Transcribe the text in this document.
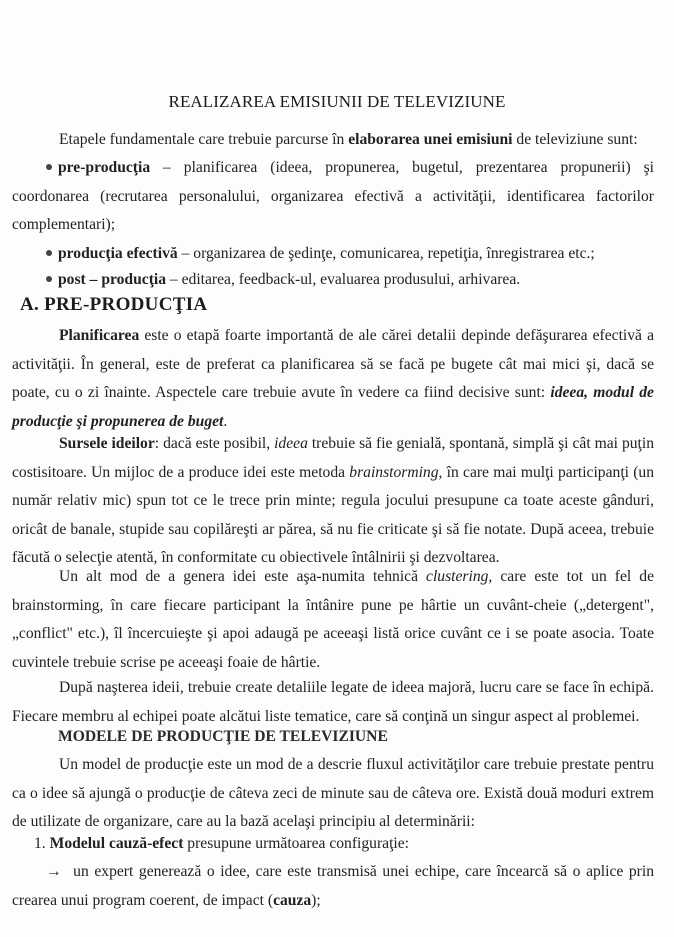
REALIZAREA EMISIUNII DE TELEVIZIUNE
Etapele fundamentale care trebuie parcurse în elaborarea unei emisiuni de televiziune sunt:
pre-producţia – planificarea (ideea, propunerea, bugetul, prezentarea propunerii) şi coordonarea (recrutarea personalului, organizarea efectivă a activităţii, identificarea factorilor complementari);
producţia efectivă – organizarea de şedinţe, comunicarea, repetiţia, înregistrarea etc.;
post – producţia – editarea, feedback-ul, evaluarea produsului, arhivarea.
A. PRE-PRODUCŢIA
Planificarea este o etapă foarte importantă de ale cărei detalii depinde defăşurarea efectivă a activităţii. În general, este de preferat ca planificarea să se facă pe bugete cât mai mici şi, dacă se poate, cu o zi înainte. Aspectele care trebuie avute în vedere ca fiind decisive sunt: ideea, modul de producţie şi propunerea de buget.
Sursele ideilor: dacă este posibil, ideea trebuie să fie genială, spontană, simplă şi cât mai puţin costisitoare. Un mijloc de a produce idei este metoda brainstorming, în care mai mulţi participanţi (un număr relativ mic) spun tot ce le trece prin minte; regula jocului presupune ca toate aceste gânduri, oricât de banale, stupide sau copilăreşti ar părea, să nu fie criticate şi să fie notate. După aceea, trebuie făcută o selecţie atentă, în conformitate cu obiectivele întâlnirii şi dezvoltarea.
Un alt mod de a genera idei este aşa-numita tehnică clustering, care este tot un fel de brainstorming, în care fiecare participant la întânire pune pe hârtie un cuvânt-cheie („detergent", „conflict" etc.), îl încercuieşte şi apoi adaugă pe aceeaşi listă orice cuvânt ce i se poate asocia. Toate cuvintele trebuie scrise pe aceeaşi foaie de hârtie.
După naşterea ideii, trebuie create detaliile legate de ideea majoră, lucru care se face în echipă. Fiecare membru al echipei poate alcătui liste tematice, care să conţină un singur aspect al problemei.
MODELE DE PRODUCŢIE DE TELEVIZIUNE
Un model de producţie este un mod de a descrie fluxul activităţilor care trebuie prestate pentru ca o idee să ajungă o producţie de câteva zeci de minute sau de câteva ore. Există două moduri extrem de utilizate de organizare, care au la bază acelaşi principiu al determinării:
1. Modelul cauză-efect presupune următoarea configuraţie:
→ un expert generează o idee, care este transmisă unei echipe, care încearcă să o aplice prin crearea unui program coerent, de impact (cauza);
